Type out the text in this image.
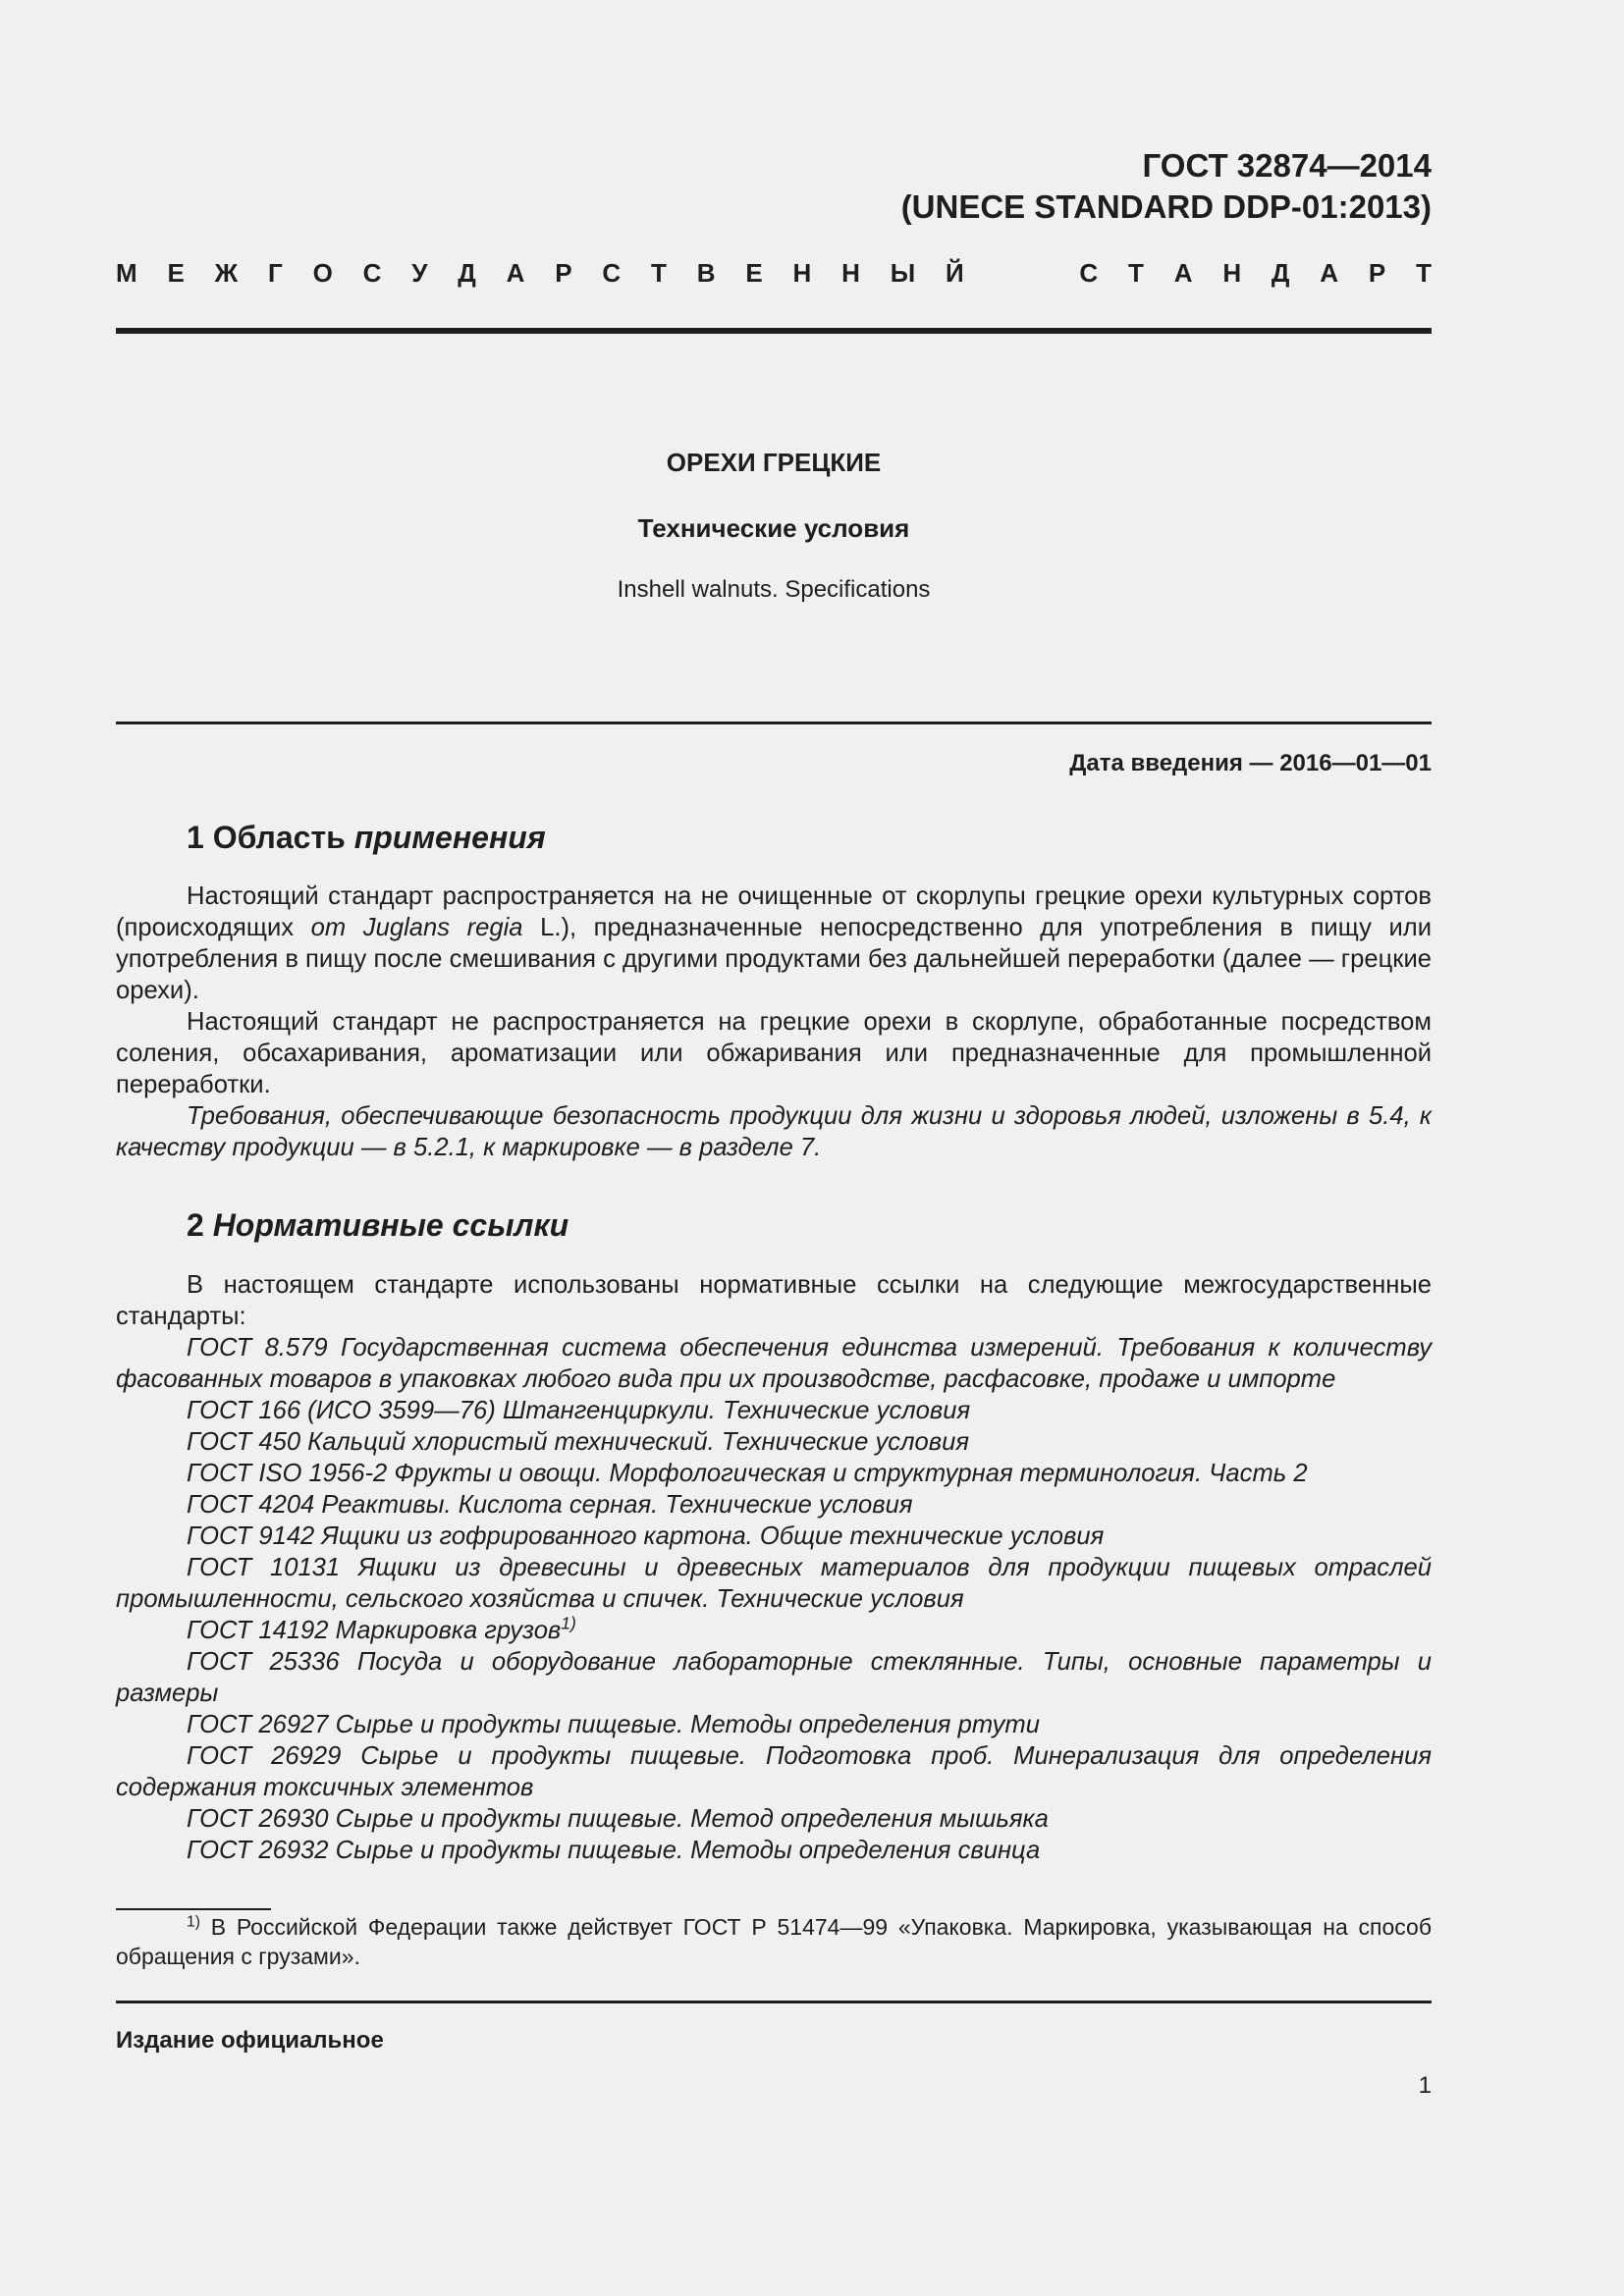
ГОСТ 32874—2014
(UNECE STANDARD DDP-01:2013)
М Е Ж Г О С У Д А Р С Т В Е Н Н Ы Й	С Т А Н Д А Р Т
ОРЕХИ ГРЕЦКИЕ
Технические условия
Inshell walnuts. Specifications
Дата введения — 2016—01—01
1 Область применения

Настоящий стандарт распространяется на не очищенные от скорлупы грецкие орехи культурных сортов (происходящих от Juglans regia L.), предназначенные непосредственно для употребления в пищу или употребления в пищу после смешивания с другими продуктами без дальнейшей переработки (далее — грецкие орехи).

Настоящий стандарт не распространяется на грецкие орехи в скорлупе, обработанные посредством соления, обсахаривания, ароматизации или обжаривания или предназначенные для промышленной переработки.

Требования, обеспечивающие безопасность продукции для жизни и здоровья людей, изложены в 5.4, к качеству продукции — в 5.2.1, к маркировке — в разделе 7.

2 Нормативные ссылки

В настоящем стандарте использованы нормативные ссылки на следующие межгосударственные стандарты:

ГОСТ 8.579 Государственная система обеспечения единства измерений. Требования к количеству фасованных товаров в упаковках любого вида при их производстве, расфасовке, продаже и импорте

ГОСТ 166 (ИСО 3599—76) Штангенциркули. Технические условия

ГОСТ 450 Кальций хлористый технический. Технические условия

ГОСТ ISO 1956-2 Фрукты и овощи. Морфологическая и структурная терминология. Часть 2

ГОСТ 4204 Реактивы. Кислота серная. Технические условия

ГОСТ 9142 Ящики из гофрированного картона. Общие технические условия

ГОСТ 10131 Ящики из древесины и древесных материалов для продукции пищевых отраслей промышленности, сельского хозяйства и спичек. Технические условия

ГОСТ 14192 Маркировка грузов$^{1)}$

ГОСТ 25336 Посуда и оборудование лабораторные стеклянные. Типы, основные параметры и размеры

ГОСТ 26927 Сырье и продукты пищевые. Методы определения ртути

ГОСТ 26929 Сырье и продукты пищевые. Подготовка проб. Минерализация для определения содержания токсичных элементов

ГОСТ 26930 Сырье и продукты пищевые. Метод определения мышьяка

ГОСТ 26932 Сырье и продукты пищевые. Методы определения свинца

$^{1)}$ В Российской Федерации также действует ГОСТ Р 51474—99 «Упаковка. Маркировка, указывающая на способ обращения с грузами».

Издание официальное
1
